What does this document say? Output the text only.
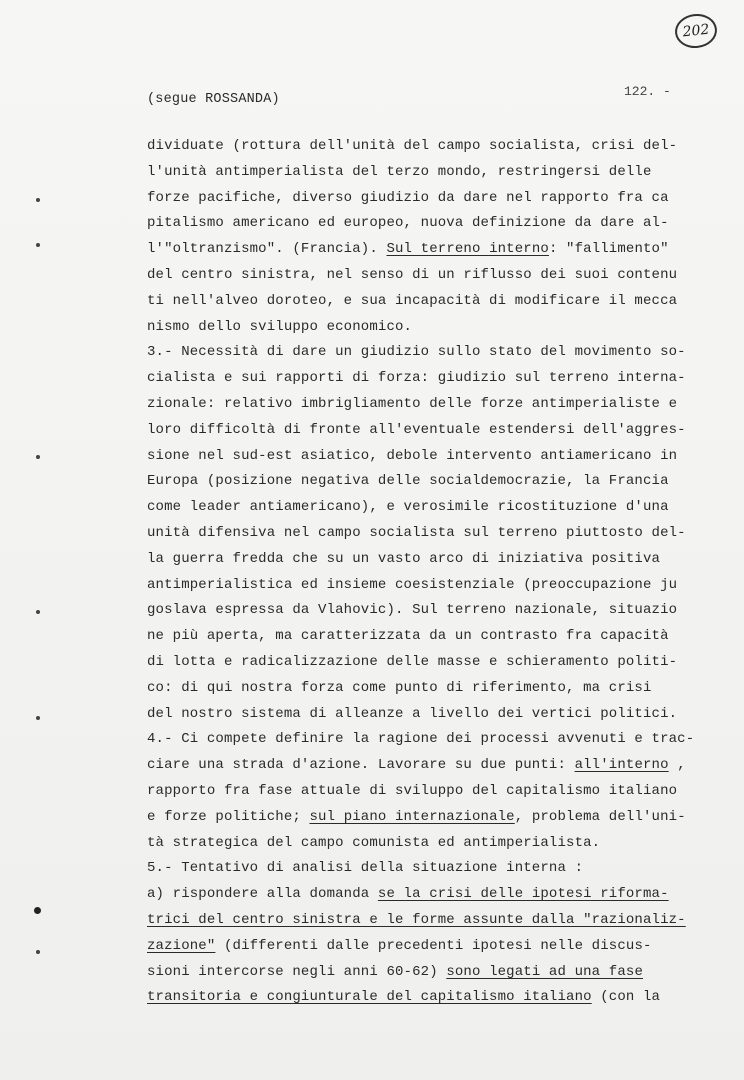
202
(segue ROSSANDA)
122. -
dividuate (rottura dell'unità del campo socialista, crisi del-
l'unità antimperialista del terzo mondo, restringersi delle
forze pacifiche, diverso giudizio da dare nel rapporto fra ca
pitalismo americano ed europeo, nuova definizione da dare al-
l'"oltranzismo". (Francia). Sul terreno interno: "fallimento"
del centro sinistra, nel senso di un riflusso dei suoi contenu
ti nell'alveo doroteo, e sua incapacità di modificare il mecca
nismo dello sviluppo economico.
3.- Necessità di dare un giudizio sullo stato del movimento so-
cialista e sui rapporti di forza: giudizio sul terreno interna-
zionale: relativo imbrigliamento delle forze antimperialiste e
loro difficoltà di fronte all'eventuale estendersi dell'aggres-
sione nel sud-est asiatico, debole intervento antiamericano in
Europa (posizione negativa delle socialdemocrazie, la Francia
come leader antiamericano), e verosimile ricostituzione d'una
unità difensiva nel campo socialista sul terreno piuttosto del-
la guerra fredda che su un vasto arco di iniziativa positiva
antimperialistica ed insieme coesistenziale (preoccupazione ju
goslava espressa da Vlahovic). Sul terreno nazionale, situazio
ne più aperta, ma caratterizzata da un contrasto fra capacità
di lotta e radicalizzazione delle masse e schieramento politi-
co: di qui nostra forza come punto di riferimento, ma crisi
del nostro sistema di alleanze a livello dei vertici politici.
4.- Ci compete definire la ragione dei processi avvenuti e trac-
ciare una strada d'azione. Lavorare su due punti: all'interno ,
rapporto fra fase attuale di sviluppo del capitalismo italiano
e forze politiche; sul piano internazionale, problema dell'uni-
tà strategica del campo comunista ed antimperialista.
5.- Tentativo di analisi della situazione interna :
a) rispondere alla domanda se la crisi delle ipotesi riforma-
trici del centro sinistra e le forme assunte dalla "razionaliz-
zazione" (differenti dalle precedenti ipotesi nelle discus-
sioni intercorse negli anni 60-62) sono legati ad una fase
transitoria e congiunturale del capitalismo italiano (con la
